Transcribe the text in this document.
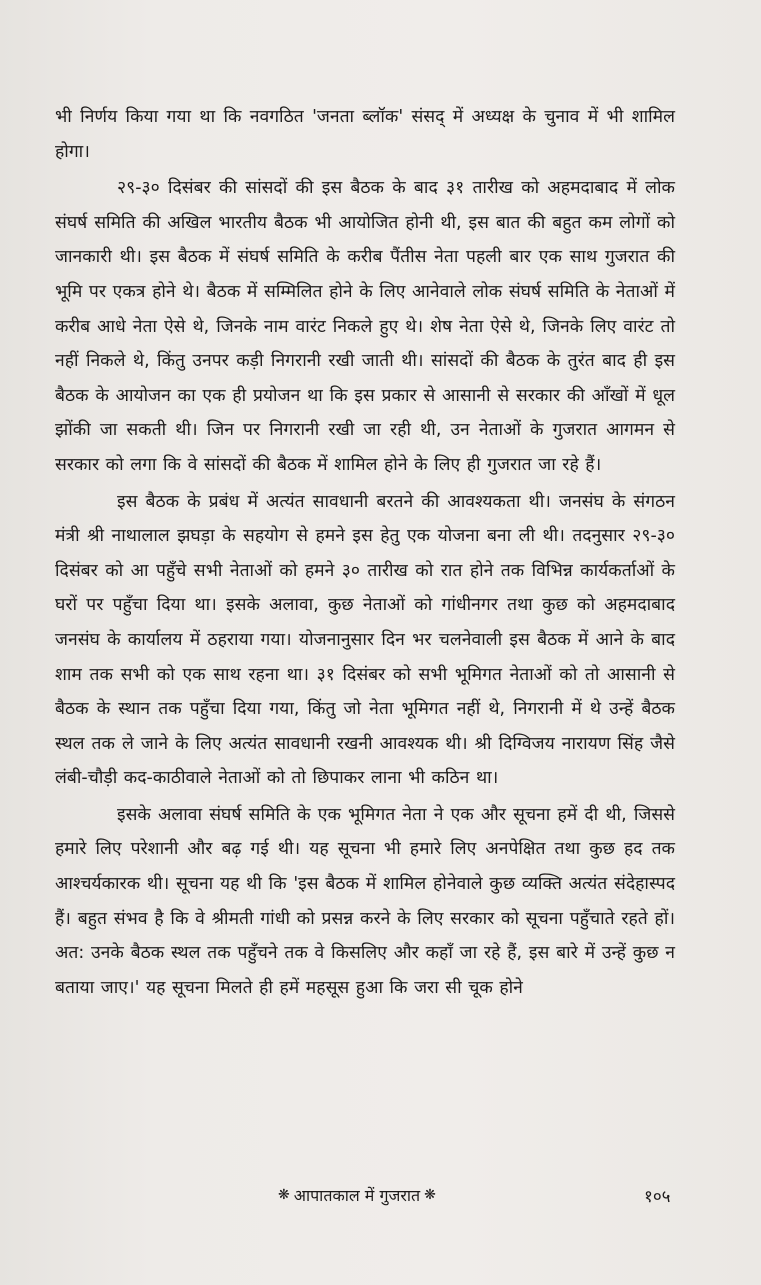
भी निर्णय किया गया था कि नवगठित 'जनता ब्लॉक' संसद् में अध्यक्ष के चुनाव में भी शामिल होगा।

२९-३० दिसंबर की सांसदों की इस बैठक के बाद ३१ तारीख को अहमदाबाद में लोक संघर्ष समिति की अखिल भारतीय बैठक भी आयोजित होनी थी, इस बात की बहुत कम लोगों को जानकारी थी। इस बैठक में संघर्ष समिति के करीब पैंतीस नेता पहली बार एक साथ गुजरात की भूमि पर एकत्र होने थे। बैठक में सम्मिलित होने के लिए आनेवाले लोक संघर्ष समिति के नेताओं में करीब आधे नेता ऐसे थे, जिनके नाम वारंट निकले हुए थे। शेष नेता ऐसे थे, जिनके लिए वारंट तो नहीं निकले थे, किंतु उनपर कड़ी निगरानी रखी जाती थी। सांसदों की बैठक के तुरंत बाद ही इस बैठक के आयोजन का एक ही प्रयोजन था कि इस प्रकार से आसानी से सरकार की आँखों में धूल झोंकी जा सकती थी। जिन पर निगरानी रखी जा रही थी, उन नेताओं के गुजरात आगमन से सरकार को लगा कि वे सांसदों की बैठक में शामिल होने के लिए ही गुजरात जा रहे हैं।

इस बैठक के प्रबंध में अत्यंत सावधानी बरतने की आवश्यकता थी। जनसंघ के संगठन मंत्री श्री नाथालाल झघड़ा के सहयोग से हमने इस हेतु एक योजना बना ली थी। तदनुसार २९-३० दिसंबर को आ पहुँचे सभी नेताओं को हमने ३० तारीख को रात होने तक विभिन्न कार्यकर्ताओं के घरों पर पहुँचा दिया था। इसके अलावा, कुछ नेताओं को गांधीनगर तथा कुछ को अहमदाबाद जनसंघ के कार्यालय में ठहराया गया। योजनानुसार दिन भर चलनेवाली इस बैठक में आने के बाद शाम तक सभी को एक साथ रहना था। ३१ दिसंबर को सभी भूमिगत नेताओं को तो आसानी से बैठक के स्थान तक पहुँचा दिया गया, किंतु जो नेता भूमिगत नहीं थे, निगरानी में थे उन्हें बैठक स्थल तक ले जाने के लिए अत्यंत सावधानी रखनी आवश्यक थी। श्री दिग्विजय नारायण सिंह जैसे लंबी-चौड़ी कद-काठीवाले नेताओं को तो छिपाकर लाना भी कठिन था।

इसके अलावा संघर्ष समिति के एक भूमिगत नेता ने एक और सूचना हमें दी थी, जिससे हमारे लिए परेशानी और बढ़ गई थी। यह सूचना भी हमारे लिए अनपेक्षित तथा कुछ हद तक आश्चर्यकारक थी। सूचना यह थी कि 'इस बैठक में शामिल होनेवाले कुछ व्यक्ति अत्यंत संदेहास्पद हैं। बहुत संभव है कि वे श्रीमती गांधी को प्रसन्न करने के लिए सरकार को सूचना पहुँचाते रहते हों। अत: उनके बैठक स्थल तक पहुँचने तक वे किसलिए और कहाँ जा रहे हैं, इस बारे में उन्हें कुछ न बताया जाए।' यह सूचना मिलते ही हमें महसूस हुआ कि जरा सी चूक होने

❋ आपातकाल में गुजरात ❋	१०५
